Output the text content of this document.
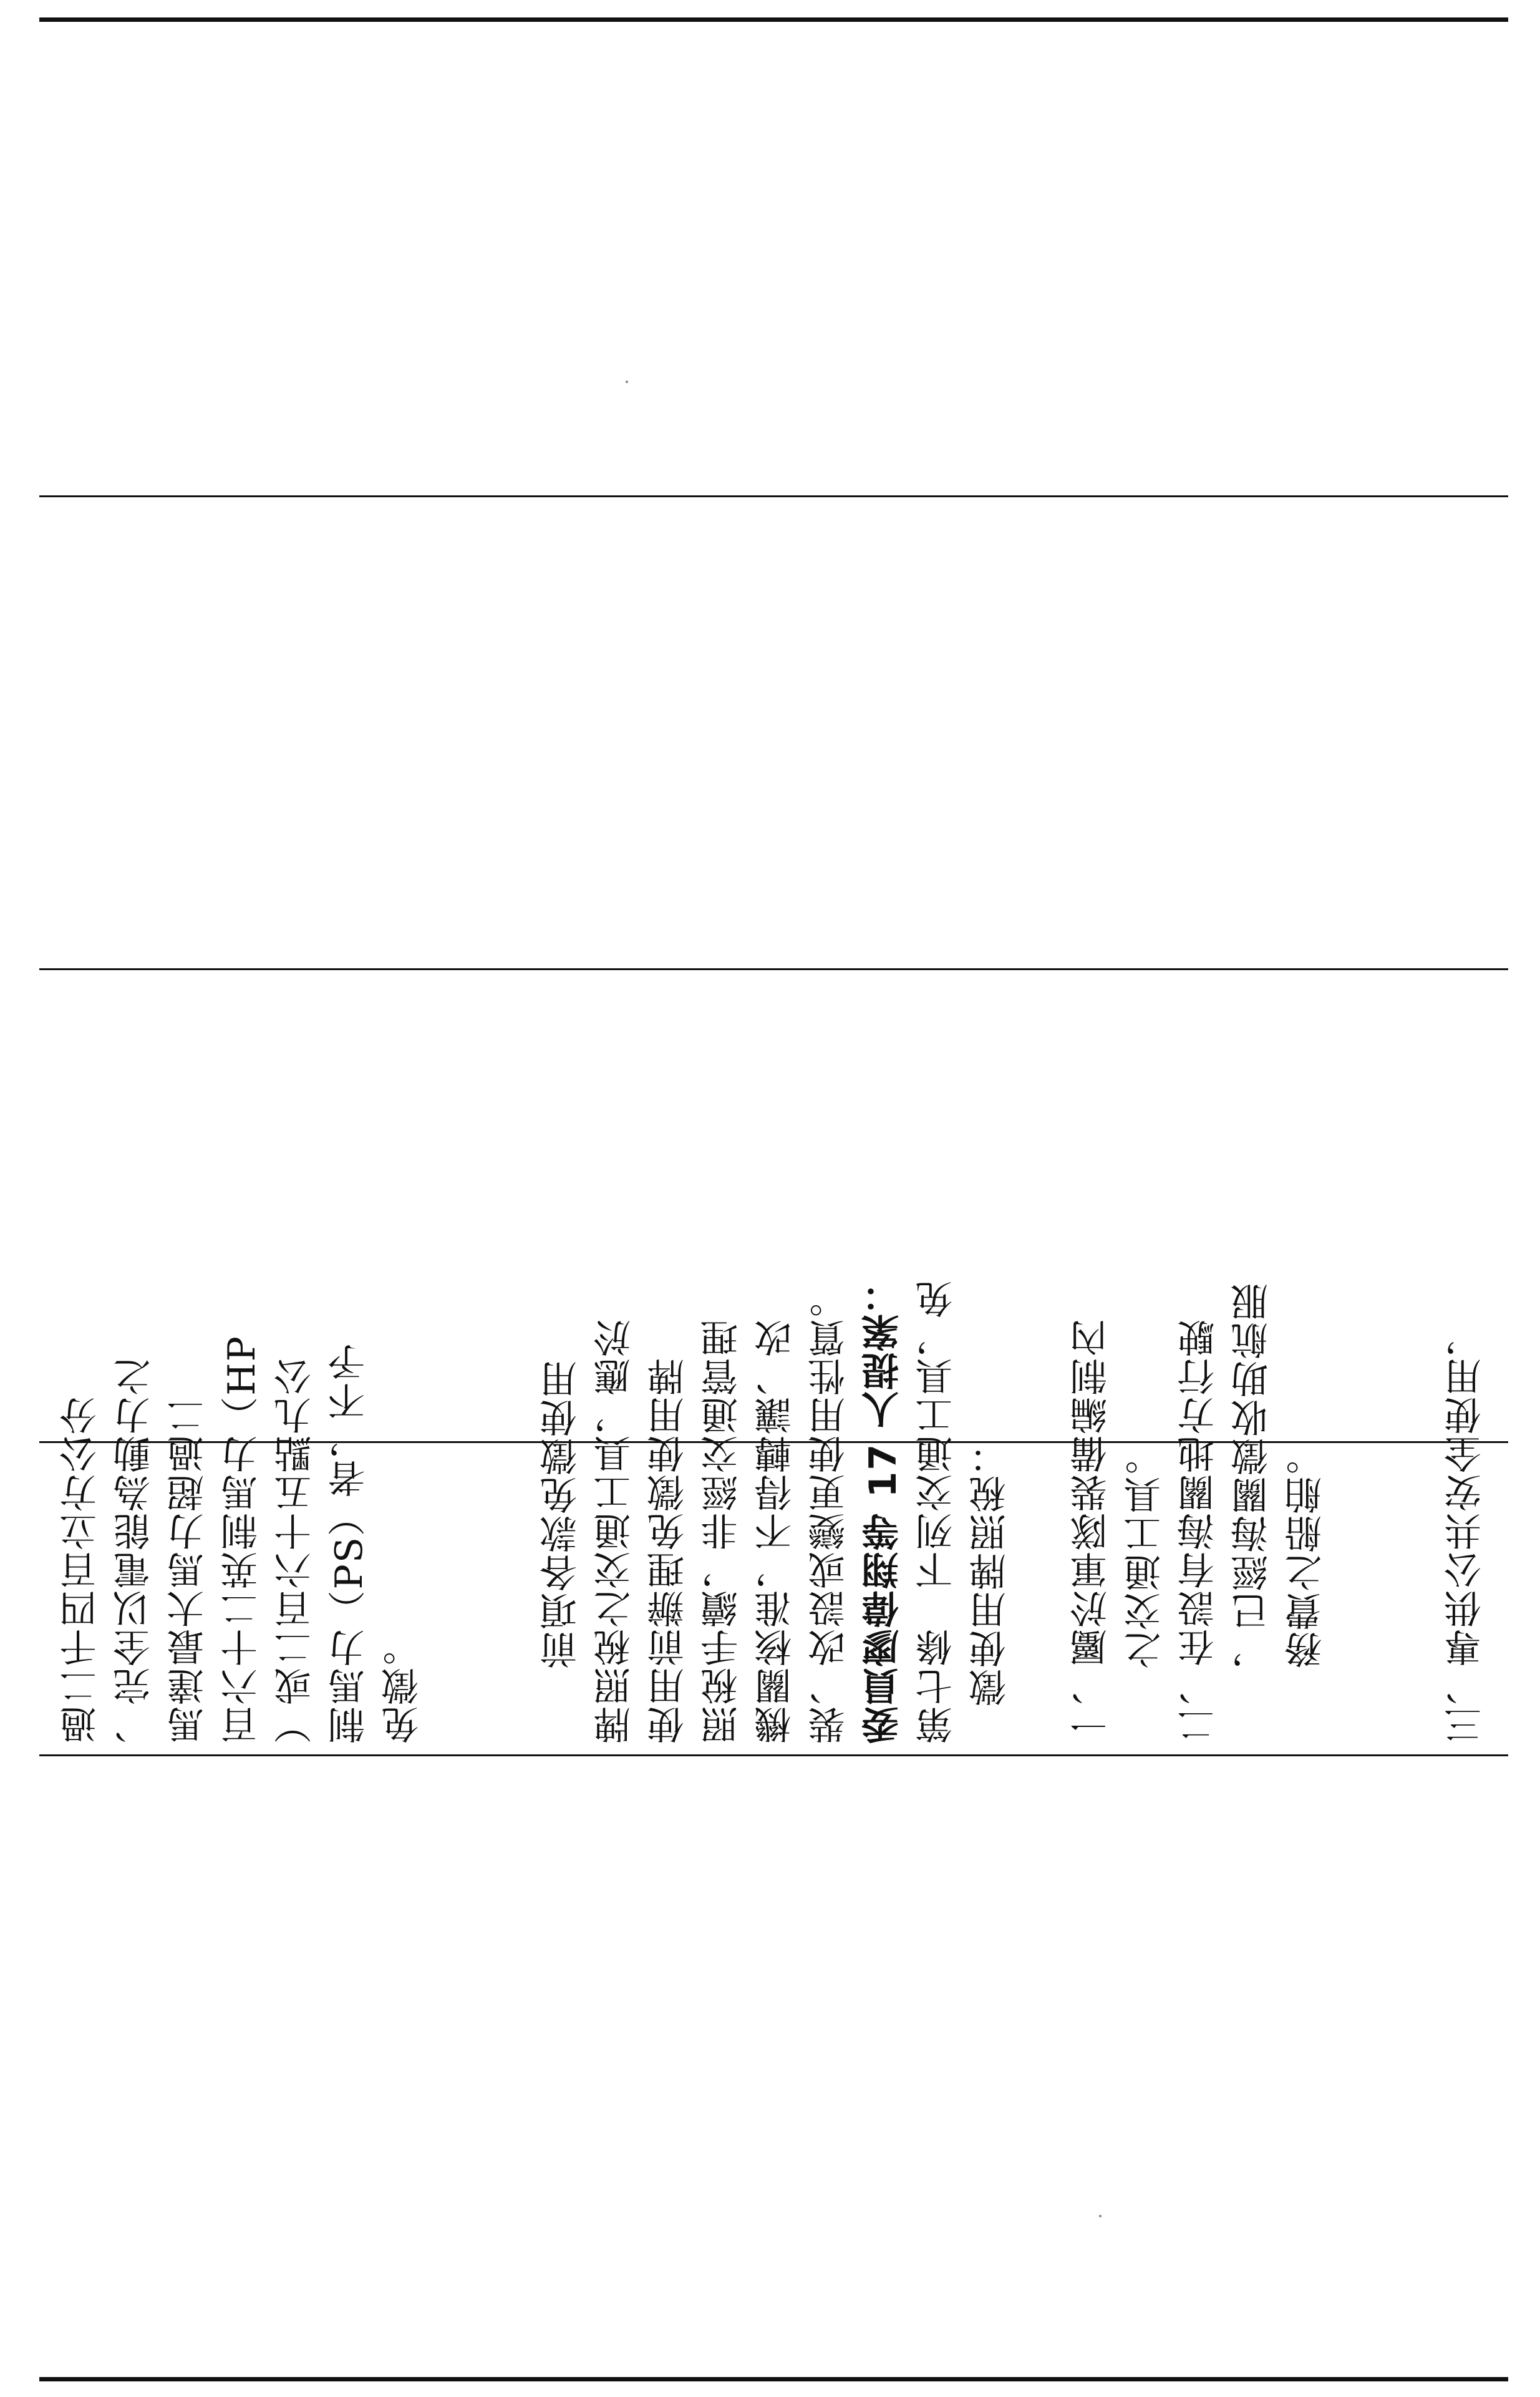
過二千四百立方公分 、完全以電能為動力之 馬達最大馬力超過二 百六十二英制馬力（HP ）或二百六十五點九公 制馬力（PS）者，不予 免徵。
前項各款免徵使用 牌照稅之交通工具，應於 使用前辦理免徵使用牌 照稅手續，非經交通管理 機關核准，不得轉讓、改 裝、改設或變更使用性質。 委員廖偉翔等 17 人提案： 第七條　下列交通工具，免 徵使用牌照稅： 一、屬於軍隊裝備編制內 之交通工具。 二、在設有海關地方行駛 ，已經海關徵收助航服 務費之船舶。	三、專供公共安全使用，
